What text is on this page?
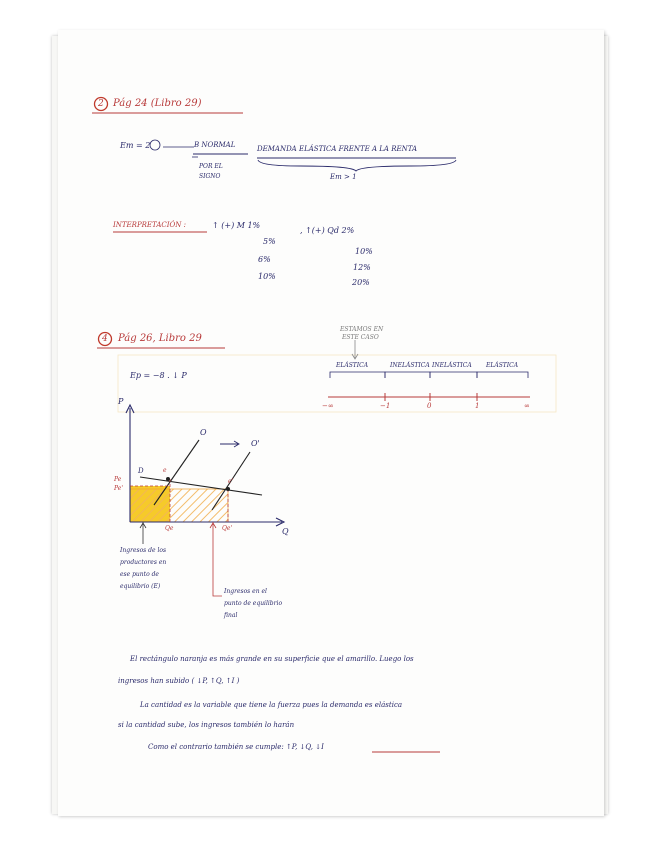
2 Pág 24 (Libro 29)
Em = 2	B NORMAL	DEMANDA ELÁSTICA FRENTE A LA RENTA
POR EL
SIGNO	Em > 1
INTERPRETACIÓN :	↑ (+) M 1%
, ↑(+) Qd 2%
5%
10%
6%
12%
10%
20%
4 Pág 26, Libro 29
Ep = −8 . ↓ P
ESTAMOS EN
ESTE CASO
ELÁSTICA	INELÁSTICA INELÁSTICA ELÁSTICA
−∞	−1	0	1	∞
P
Q
D
O
O'
e
e'
Pe
Pe'
Qe	Qe'
Ingresos de los
productores en
ese punto de
equilibrio (E)
Ingresos en el
punto de equilibrio
final
El rectángulo naranja es más grande en su superficie que el amarillo. Luego los
ingresos han subido ( ↓P, ↑Q, ↑I )
La cantidad es la variable que tiene la fuerza pues la demanda es elástica
si la cantidad sube, los ingresos también lo harán
Como el contrario también se cumple: ↑P, ↓Q, ↓I
